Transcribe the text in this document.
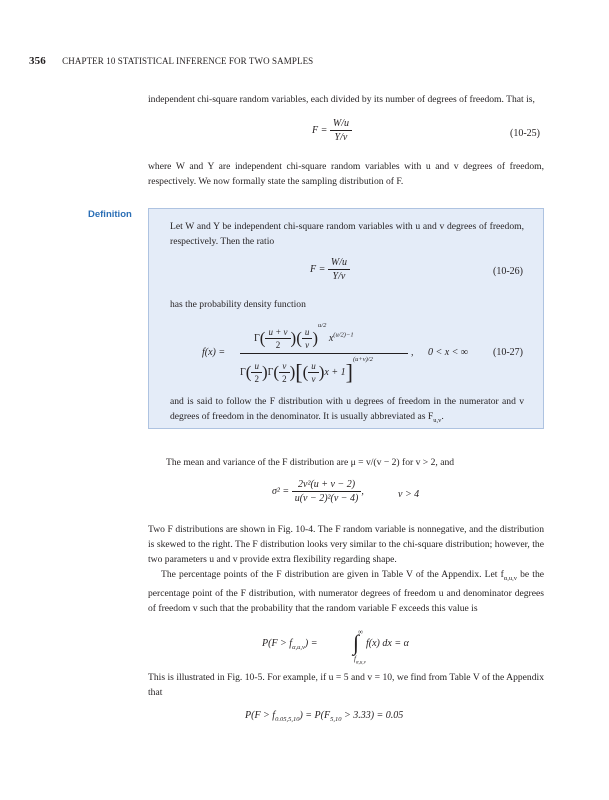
356 CHAPTER 10 STATISTICAL INFERENCE FOR TWO SAMPLES
independent chi-square random variables, each divided by its number of degrees of freedom. That is,
$F = \frac{W/u}{Y/v}$	(10-25)
where W and Y are independent chi-square random variables with u and v degrees of freedom, respectively. We now formally state the sampling distribution of F.
Definition
Let W and Y be independent chi-square random variables with u and v degrees of freedom, respectively. Then the ratio
$F = \frac{W/u}{Y/v}$	(10-26)
has the probability density function
f(x) =
$\Gamma( \frac{u + v}{2}$ )( $\frac{u}{v} )^{u/2}$ $x^{(u/2)-1}$
$\Gamma( \frac{u}{2} )\Gamma( \frac{v}{2}$ )[( $\frac{u}{v} )x + 1]^{(u+v)/2}$
, 0 < x < ∞ (10-27)
and is said to follow the F distribution with u degrees of freedom in the numerator and v degrees of freedom in the denominator. It is usually abbreviated as $F_{u,v}$.
The mean and variance of the F distribution are μ = v/(v − 2) for v > 2, and
$\sigma^2 = \frac{\text{2v²(u + v − 2)}}{\text{u(v − 2)²(v − 4)}}$ ,	v > 4
Two F distributions are shown in Fig. 10-4. The F random variable is nonnegative, and the distribution is skewed to the right. The F distribution looks very similar to the chi-square distribution; however, the two parameters u and v provide extra flexibility regarding shape.
The percentage points of the F distribution are given in Table V of the Appendix. Let $f_{\alpha,u,v}$ be the percentage point of the F distribution, with numerator degrees of freedom u and denominator degrees of freedom v such that the probability that the random variable F exceeds this value is
∞
$P(F > f_{\alpha,u,v})$ = ∫ f(x) dx = α
$f_{\alpha,u,v}$
This is illustrated in Fig. 10-5. For example, if u = 5 and v = 10, we find from Table V of the Appendix that
$P(F > f_{0.05,5,10}) = P(F_{5,10} > 3.33) = 0.05$
